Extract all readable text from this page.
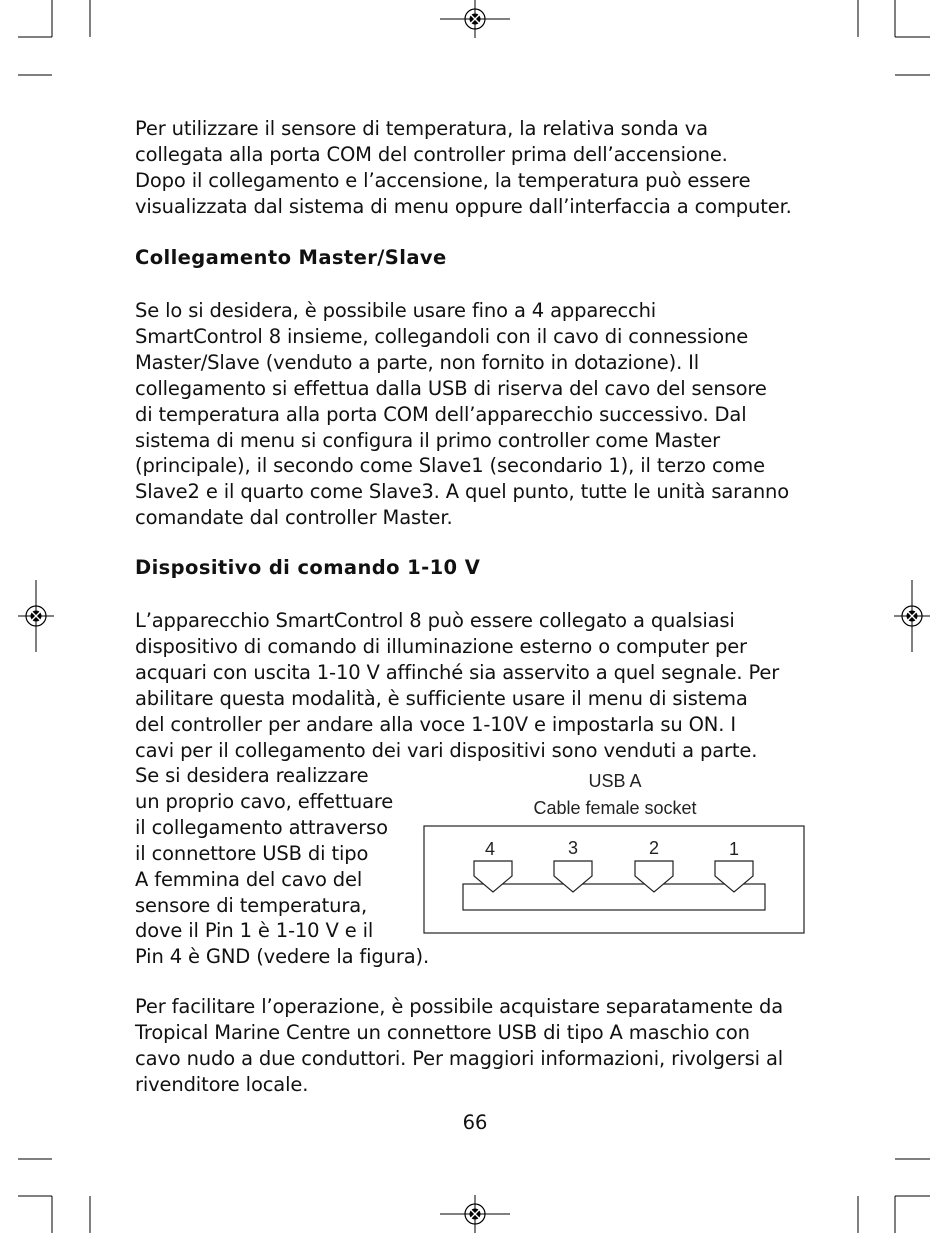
Per utilizzare il sensore di temperatura, la relativa sonda va
collegata alla porta COM del controller prima dell’accensione.
Dopo il collegamento e l’accensione, la temperatura può essere
visualizzata dal sistema di menu oppure dall’interfaccia a computer.

Collegamento Master/Slave

Se lo si desidera, è possibile usare fino a 4 apparecchi
SmartControl 8 insieme, collegandoli con il cavo di connessione
Master/Slave (venduto a parte, non fornito in dotazione). Il
collegamento si effettua dalla USB di riserva del cavo del sensore
di temperatura alla porta COM dell’apparecchio successivo. Dal
sistema di menu si configura il primo controller come Master
(principale), il secondo come Slave1 (secondario 1), il terzo come
Slave2 e il quarto come Slave3. A quel punto, tutte le unità saranno
comandate dal controller Master.

Dispositivo di comando 1-10 V

L’apparecchio SmartControl 8 può essere collegato a qualsiasi
dispositivo di comando di illuminazione esterno o computer per
acquari con uscita 1-10 V affinché sia asservito a quel segnale. Per
abilitare questa modalità, è sufficiente usare il menu di sistema
del controller per andare alla voce 1-10V e impostarla su ON. I
cavi per il collegamento dei vari dispositivi sono venduti a parte.

Se si desidera realizzare
un proprio cavo, effettuare
il collegamento attraverso
il connettore USB di tipo
A femmina del cavo del
sensore di temperatura,
dove il Pin 1 è 1-10 V e il
Pin 4 è GND (vedere la figura).

USB A
Cable female socket
4	3	2	1

Per facilitare l’operazione, è possibile acquistare separatamente da
Tropical Marine Centre un connettore USB di tipo A maschio con
cavo nudo a due conduttori. Per maggiori informazioni, rivolgersi al
rivenditore locale.

66
